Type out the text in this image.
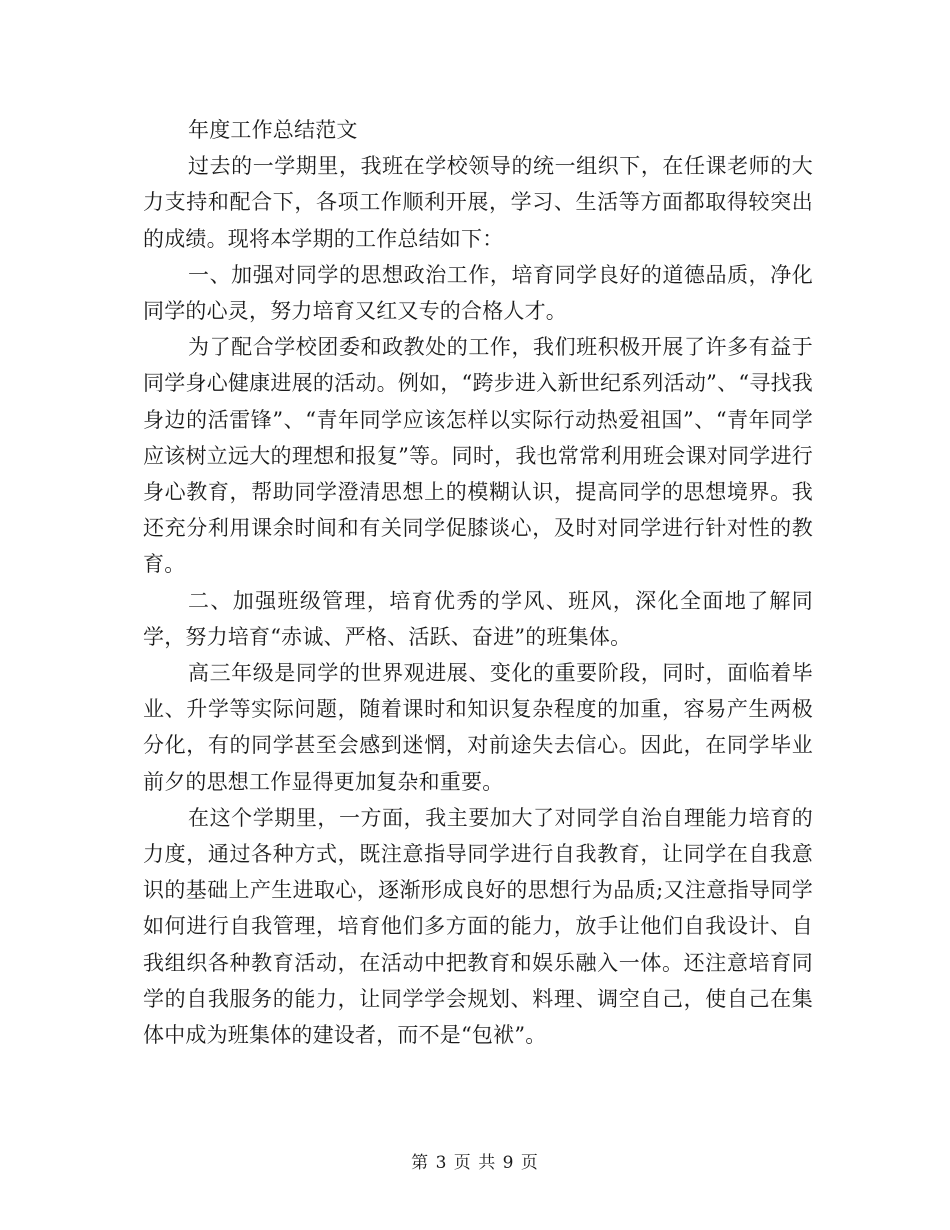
年度工作总结范文

过去的一学期里，我班在学校领导的统一组织下，在任课老师的大力支持和配合下，各项工作顺利开展，学习、生活等方面都取得较突出的成绩。现将本学期的工作总结如下：

一、加强对同学的思想政治工作，培育同学良好的道德品质，净化同学的心灵，努力培育又红又专的合格人才。

为了配合学校团委和政教处的工作，我们班积极开展了许多有益于同学身心健康进展的活动。例如，“跨步进入新世纪系列活动”、“寻找我身边的活雷锋”、“青年同学应该怎样以实际行动热爱祖国”、“青年同学应该树立远大的理想和报复”等。同时，我也常常利用班会课对同学进行身心教育，帮助同学澄清思想上的模糊认识，提高同学的思想境界。我还充分利用课余时间和有关同学促膝谈心，及时对同学进行针对性的教育。

二、加强班级管理，培育优秀的学风、班风，深化全面地了解同学，努力培育“赤诚、严格、活跃、奋进”的班集体。

高三年级是同学的世界观进展、变化的重要阶段，同时，面临着毕业、升学等实际问题，随着课时和知识复杂程度的加重，容易产生两极分化，有的同学甚至会感到迷惘，对前途失去信心。因此，在同学毕业前夕的思想工作显得更加复杂和重要。

在这个学期里，一方面，我主要加大了对同学自治自理能力培育的力度，通过各种方式，既注意指导同学进行自我教育，让同学在自我意识的基础上产生进取心，逐渐形成良好的思想行为品质;又注意指导同学如何进行自我管理，培育他们多方面的能力，放手让他们自我设计、自我组织各种教育活动，在活动中把教育和娱乐融入一体。还注意培育同学的自我服务的能力，让同学学会规划、料理、调空自己，使自己在集体中成为班集体的建设者，而不是“包袱”。

第 3 页 共 9 页
